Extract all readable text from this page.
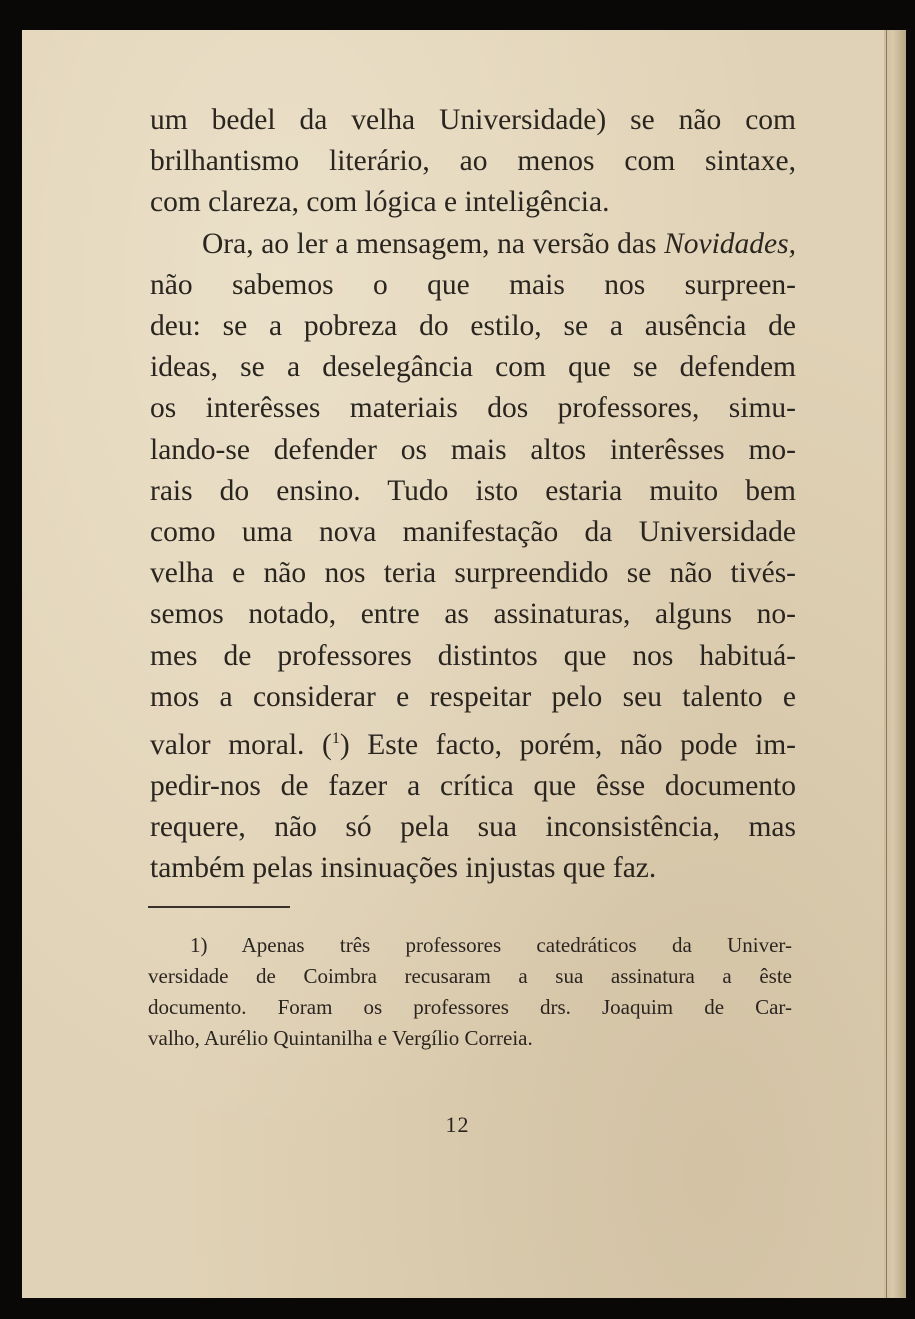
um bedel da velha Universidade) se não com
brilhantismo literário, ao menos com sintaxe,
com clareza, com lógica e inteligência.
Ora, ao ler a mensagem, na versão das Novidades,
não sabemos o que mais nos surpreen-
deu: se a pobreza do estilo, se a ausência de
ideas, se a deselegância com que se defendem
os interêsses materiais dos professores, simu-
lando-se defender os mais altos interêsses mo-
rais do ensino. Tudo isto estaria muito bem
como uma nova manifestação da Universidade
velha e não nos teria surpreendido se não tivés-
semos notado, entre as assinaturas, alguns no-
mes de professores distintos que nos habituá-
mos a considerar e respeitar pelo seu talento e
valor moral. ($^1$) Este facto, porém, não pode im-
pedir-nos de fazer a crítica que êsse documento
requere, não só pela sua inconsistência, mas
também pelas insinuações injustas que faz.
1) Apenas três professores catedráticos da Univer-
versidade de Coimbra recusaram a sua assinatura a êste
documento. Foram os professores drs. Joaquim de Car-
valho, Aurélio Quintanilha e Vergílio Correia.
12
